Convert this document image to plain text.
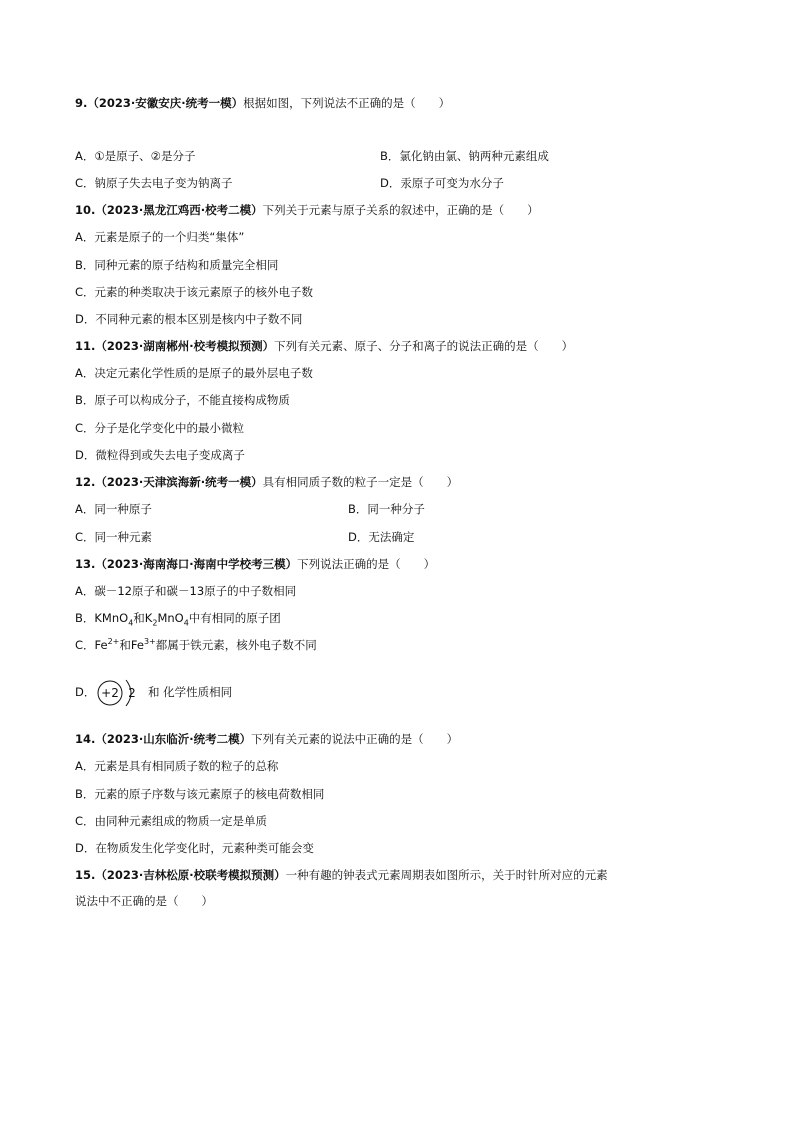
9.（2023·安徽安庆·统考一模）根据如图，下列说法不正确的是（　　）
A．①是原子、②是分子	B．氯化钠由氯、钠两种元素组成
C．钠原子失去电子变为钠离子	D．汞原子可变为水分子
10.（2023·黑龙江鸡西·校考二模）下列关于元素与原子关系的叙述中，正确的是（　　）
A．元素是原子的一个归类“集体”
B．同种元素的原子结构和质量完全相同
C．元素的种类取决于该元素原子的核外电子数
D．不同种元素的根本区别是核内中子数不同
11.（2023·湖南郴州·校考模拟预测）下列有关元素、原子、分子和离子的说法正确的是（　　）
A．决定元素化学性质的是原子的最外层电子数
B．原子可以构成分子，不能直接构成物质
C．分子是化学变化中的最小微粒
D．微粒得到或失去电子变成离子
12.（2023·天津滨海新·统考一模）具有相同质子数的粒子一定是（　　）
A．同一种原子	B．同一种分子
C．同一种元素	D．无法确定
13.（2023·海南海口·海南中学校考三模）下列说法正确的是（　　）
A．碳－12原子和碳－13原子的中子数相同
B．KMnO$_4$和$K_2MnO_4$中有相同的原子团
C．$Fe^{2+}$和$Fe^{3+}$都属于铁元素，核外电子数不同
D． +2 2 和 化学性质相同
14.（2023·山东临沂·统考二模）下列有关元素的说法中正确的是（　　）
A．元素是具有相同质子数的粒子的总称
B．元素的原子序数与该元素原子的核电荷数相同
C．由同种元素组成的物质一定是单质
D．在物质发生化学变化时，元素种类可能会变
15.（2023·吉林松原·校联考模拟预测）一种有趣的钟表式元素周期表如图所示，关于时针所对应的元素
说法中不正确的是（　　）
